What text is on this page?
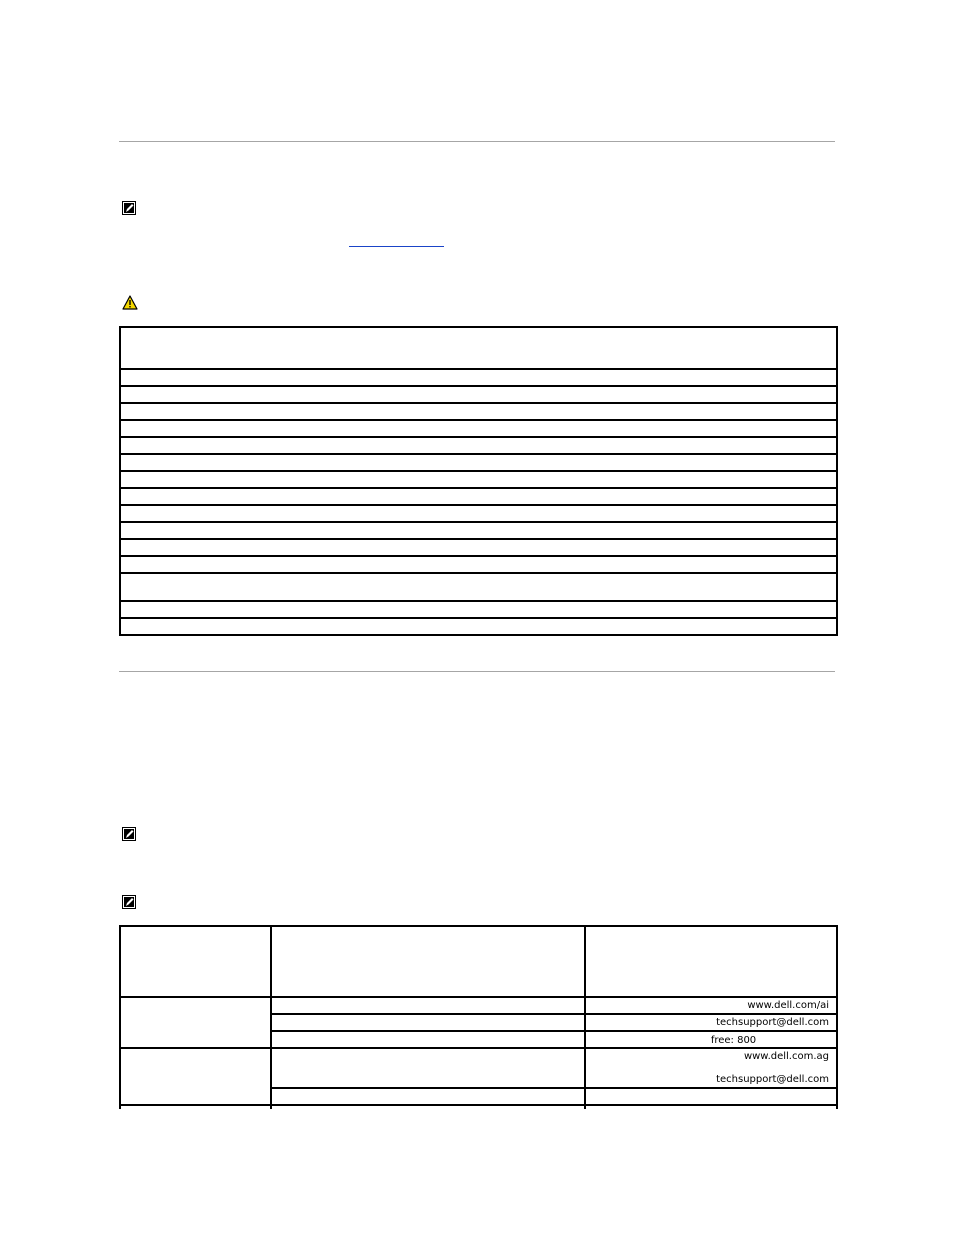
		www.dell.com/ai
		techsupport@dell.com
		free: 800

		www.dell.com.ag
techsupport@dell.com
